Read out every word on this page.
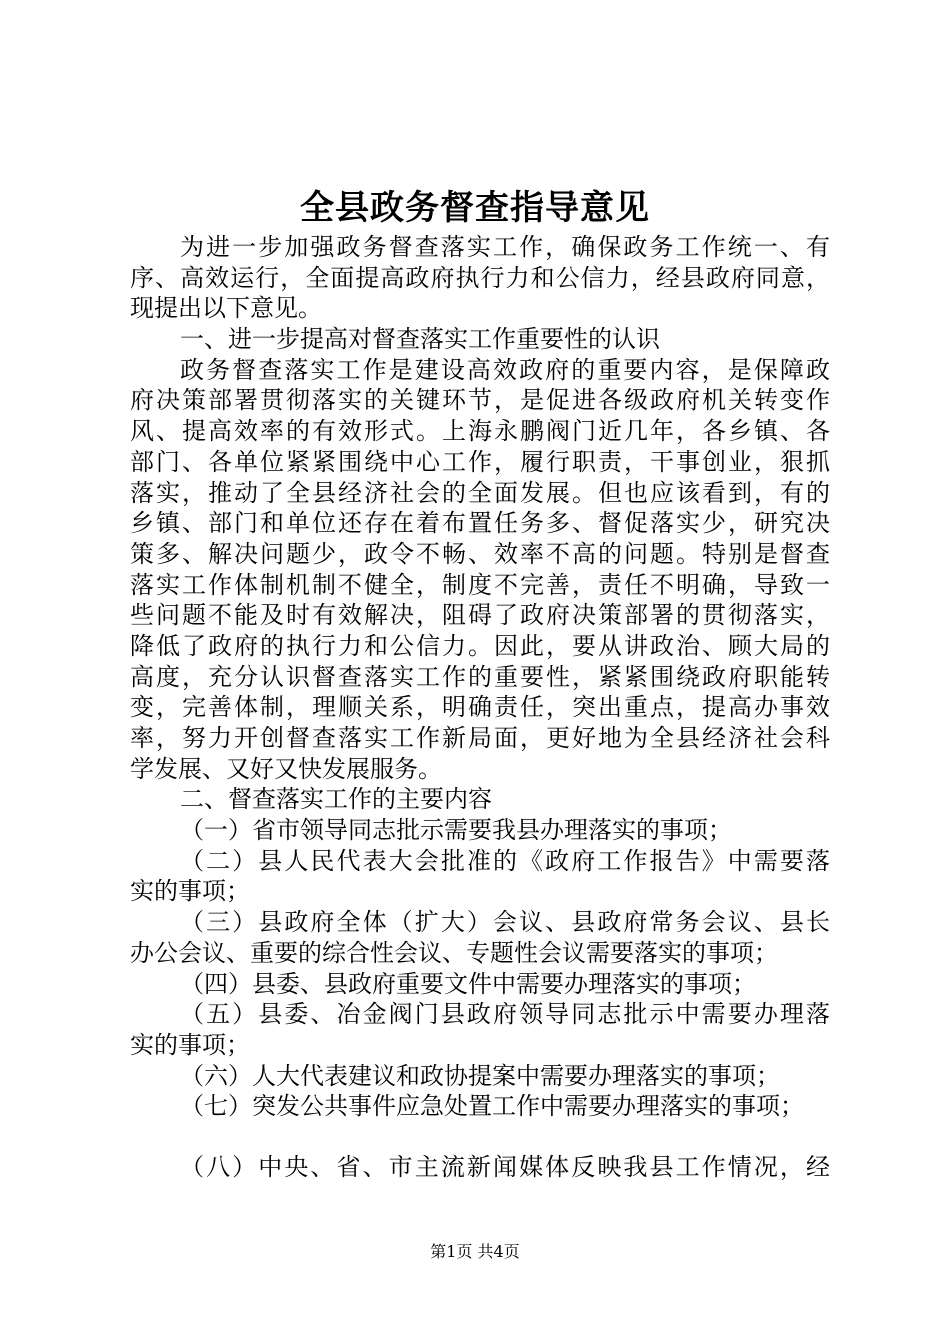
全县政务督查指导意见
为进一步加强政务督查落实工作，确保政务工作统一、有
序、高效运行，全面提高政府执行力和公信力，经县政府同意，
现提出以下意见。
一、进一步提高对督查落实工作重要性的认识
政务督查落实工作是建设高效政府的重要内容，是保障政
府决策部署贯彻落实的关键环节，是促进各级政府机关转变作
风、提高效率的有效形式。上海永鹏阀门近几年，各乡镇、各
部门、各单位紧紧围绕中心工作，履行职责，干事创业，狠抓
落实，推动了全县经济社会的全面发展。但也应该看到，有的
乡镇、部门和单位还存在着布置任务多、督促落实少，研究决
策多、解决问题少，政令不畅、效率不高的问题。特别是督查
落实工作体制机制不健全，制度不完善，责任不明确，导致一
些问题不能及时有效解决，阻碍了政府决策部署的贯彻落实，
降低了政府的执行力和公信力。因此，要从讲政治、顾大局的
高度，充分认识督查落实工作的重要性，紧紧围绕政府职能转
变，完善体制，理顺关系，明确责任，突出重点，提高办事效
率，努力开创督查落实工作新局面，更好地为全县经济社会科
学发展、又好又快发展服务。
二、督查落实工作的主要内容
（一）省市领导同志批示需要我县办理落实的事项；
（二）县人民代表大会批准的《政府工作报告》中需要落
实的事项；
（三）县政府全体（扩大）会议、县政府常务会议、县长
办公会议、重要的综合性会议、专题性会议需要落实的事项；
（四）县委、县政府重要文件中需要办理落实的事项；
（五）县委、冶金阀门县政府领导同志批示中需要办理落
实的事项；
（六）人大代表建议和政协提案中需要办理落实的事项；
（七）突发公共事件应急处置工作中需要办理落实的事项；
（八）中央、省、市主流新闻媒体反映我县工作情况，经
第1页 共4页
